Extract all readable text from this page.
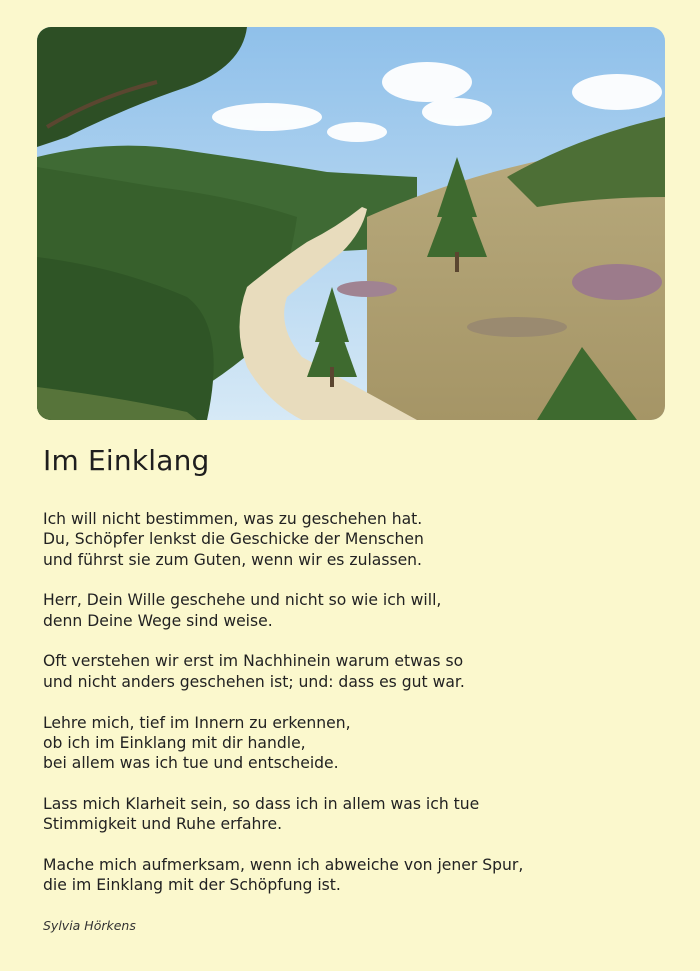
Im Einklang
Ich will nicht bestimmen, was zu geschehen hat.
Du, Schöpfer lenkst die Geschicke der Menschen
und führst sie zum Guten, wenn wir es zulassen.
Herr, Dein Wille geschehe und nicht so wie ich will,
denn Deine Wege sind weise.
Oft verstehen wir erst im Nachhinein warum etwas so
und nicht anders geschehen ist; und: dass es gut war.
Lehre mich, tief im Innern zu erkennen,
ob ich im Einklang mit dir handle,
bei allem was ich tue und entscheide.
Lass mich Klarheit sein, so dass ich in allem was ich tue
Stimmigkeit und Ruhe erfahre.
Mache mich aufmerksam, wenn ich abweiche von jener Spur,
die im Einklang mit der Schöpfung ist.
Sylvia Hörkens
